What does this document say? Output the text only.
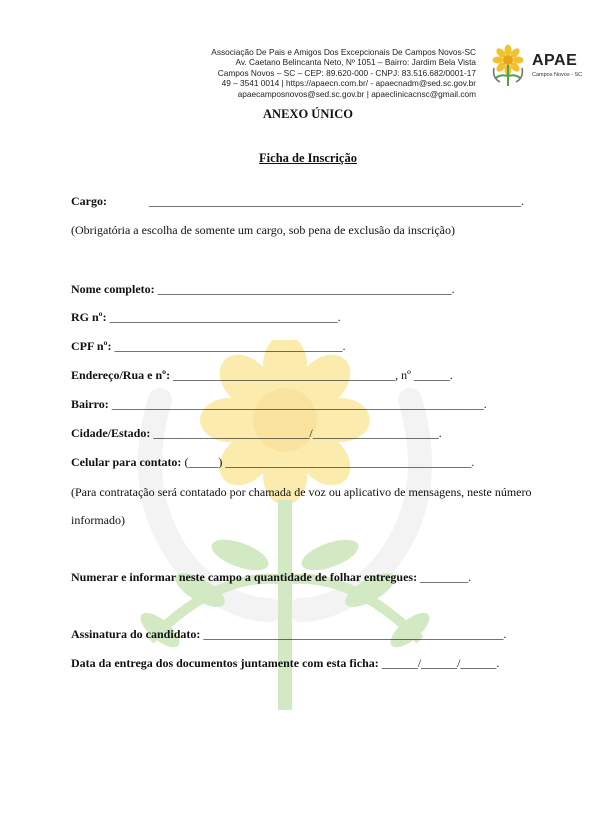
Associação De Pais e Amigos Dos Excepcionais De Campos Novos-SC
Av. Caetano Belincanta Neto, Nº 1051 – Bairro: Jardim Bela Vista
Campos Novos – SC – CEP: 89.620-000 - CNPJ: 83.516.682/0001-17
49 – 3541 0014 | https://apaecn.com.br/ - apaecnadm@sed.sc.gov.br
apaecamposnovos@sed.sc.gov.br | apaeclinicacnsc@gmail.com
APAE
Campos Novos - SC
ANEXO ÚNICO
Ficha de Inscrição
Cargo:	______________________________________________________________.
(Obrigatória a escolha de somente um cargo, sob pena de exclusão da inscrição)
Nome completo: _________________________________________________.
RG nº: ______________________________________.
CPF nº: ______________________________________.
Endereço/Rua e nº: _____________________________________, nº ______.
Bairro: ______________________________________________________________.
Cidade/Estado: __________________________/_____________________.
Celular para contato: (_____) _________________________________________.
(Para contratação será contatado por chamada de voz ou aplicativo de mensagens, neste número
informado)
Numerar e informar neste campo a quantidade de folhar entregues: ________.
Assinatura do candidato: __________________________________________________.
Data da entrega dos documentos juntamente com esta ficha: ______/______/______.
